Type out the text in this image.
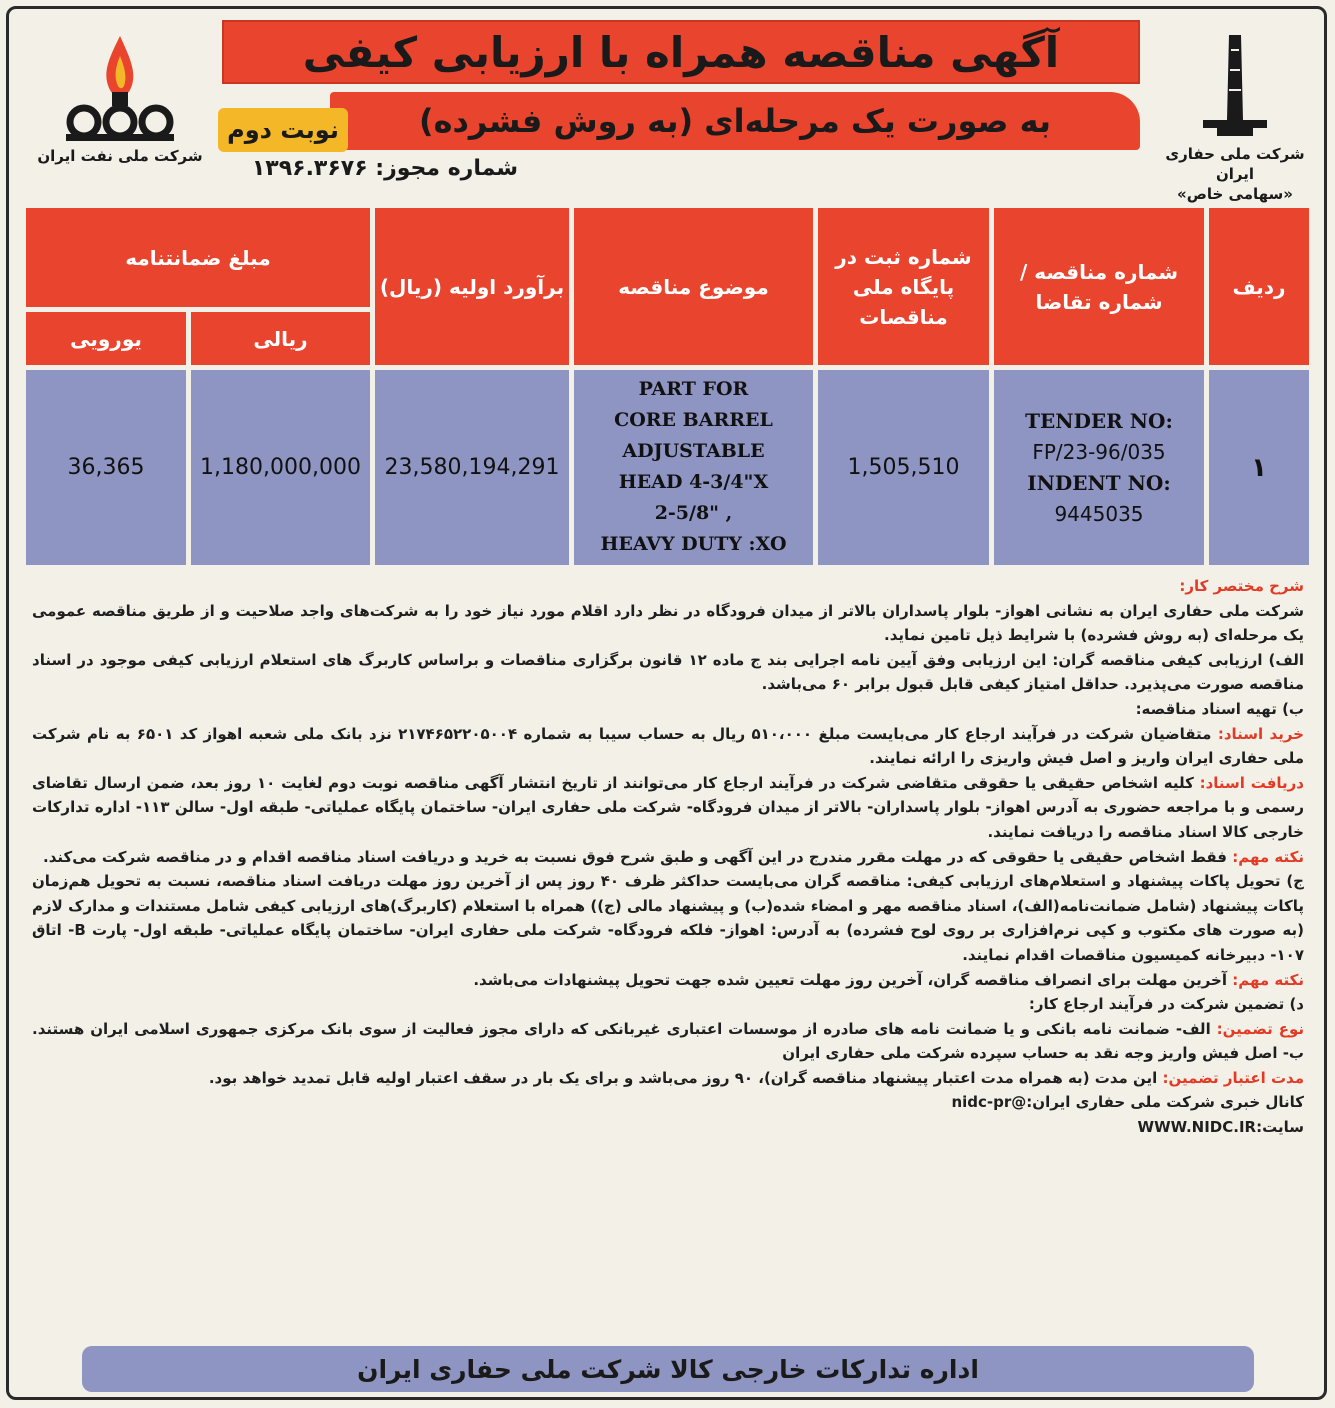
شرکت ملی حفاری ایران
«سهامی خاص»
شرکت ملی نفت ایران
آگهی مناقصه همراه با ارزیابی کیفی
به صورت یک مرحله‌ای (به روش فشرده)
نوبت دوم
شماره مجوز: ۱۳۹۶.۳۶۷۶
ردیف
شماره مناقصه / شماره تقاضا
شماره ثبت در پایگاه ملی مناقصات
موضوع مناقصه
برآورد اولیه (ریال)
مبلغ ضمانتنامه
ریالی
یورویی
۱
TENDER NO:
FP/23-96/035
INDENT NO:
9445035
1,505,510
PART FOR
CORE BARREL
ADJUSTABLE
HEAD 4-3/4"X
2-5/8" ,
HEAVY DUTY :XO
23,580,194,291
1,180,000,000
36,365

شرح مختصر کار:

شرکت ملی حفاری ایران به نشانی اهواز- بلوار پاسداران بالاتر از میدان فرودگاه در نظر دارد اقلام مورد نیاز خود را به شرکت‌های واجد صلاحیت و از طریق مناقصه عمومی یک مرحله‌ای (به روش فشرده) با شرایط ذیل تامین نماید.

الف) ارزیابی کیفی مناقصه گران: این ارزیابی وفق آیین نامه اجرایی بند ج ماده ۱۲ قانون برگزاری مناقصات و براساس کاربرگ های استعلام ارزیابی کیفی موجود در اسناد مناقصه صورت می‌پذیرد. حداقل امتیاز کیفی قابل قبول برابر ۶۰ می‌باشد.

ب) تهیه اسناد مناقصه:

خرید اسناد: متقاضیان شرکت در فرآیند ارجاع کار می‌بایست مبلغ ۵۱۰،۰۰۰ ریال به حساب سیبا به شماره ۲۱۷۴۶۵۲۲۰۵۰۰۴ نزد بانک ملی شعبه اهواز کد ۶۵۰۱ به نام شرکت ملی حفاری ایران واریز و اصل فیش واریزی را ارائه نمایند.

دریافت اسناد: کلیه اشخاص حقیقی یا حقوقی متقاضی شرکت در فرآیند ارجاع کار می‌توانند از تاریخ انتشار آگهی مناقصه نوبت دوم لغایت ۱۰ روز بعد، ضمن ارسال تقاضای رسمی و با مراجعه حضوری به آدرس اهواز- بلوار پاسداران- بالاتر از میدان فرودگاه- شرکت ملی حفاری ایران- ساختمان پایگاه عملیاتی- طبقه اول- سالن ۱۱۳- اداره تدارکات خارجی کالا اسناد مناقصه را دریافت نمایند.

نکته مهم: فقط اشخاص حقیقی یا حقوقی که در مهلت مقرر مندرج در این آگهی و طبق شرح فوق نسبت به خرید و دریافت اسناد مناقصه اقدام و در مناقصه شرکت می‌کند.

ج) تحویل پاکات پیشنهاد و استعلام‌های ارزیابی کیفی: مناقصه گران می‌بایست حداکثر ظرف ۴۰ روز پس از آخرین روز مهلت دریافت اسناد مناقصه، نسبت به تحویل هم‌زمان پاکات پیشنهاد (شامل ضمانت‌نامه(الف)، اسناد مناقصه مهر و امضاء شده(ب) و پیشنهاد مالی (ج)) همراه با استعلام (کاربرگ‌)های ارزیابی کیفی شامل مستندات و مدارک لازم (به صورت های مکتوب و کپی نرم‌افزاری بر روی لوح فشرده) به آدرس: اهواز- فلکه فرودگاه- شرکت ملی حفاری ایران- ساختمان پایگاه عملیاتی- طبقه اول- پارت B- اتاق ۱۰۷- دبیرخانه کمیسیون مناقصات اقدام نمایند.

نکته مهم: آخرین مهلت برای انصراف مناقصه گران، آخرین روز مهلت تعیین شده جهت تحویل پیشنهادات می‌باشد.

د) تضمین شرکت در فرآیند ارجاع کار:

نوع تضمین: الف- ضمانت نامه بانکی و یا ضمانت نامه های صادره از موسسات اعتباری غیربانکی که دارای مجوز فعالیت از سوی بانک مرکزی جمهوری اسلامی ایران هستند. ب- اصل فیش واریز وجه نقد به حساب سپرده شرکت ملی حفاری ایران

مدت اعتبار تضمین: این مدت (به همراه مدت اعتبار پیشنهاد مناقصه گران)، ۹۰ روز می‌باشد و برای یک بار در سقف اعتبار اولیه قابل تمدید خواهد بود.

کانال خبری شرکت ملی حفاری ایران:@nidc-pr

سایت:WWW.NIDC.IR

اداره تدارکات خارجی کالا شرکت ملی حفاری ایران
